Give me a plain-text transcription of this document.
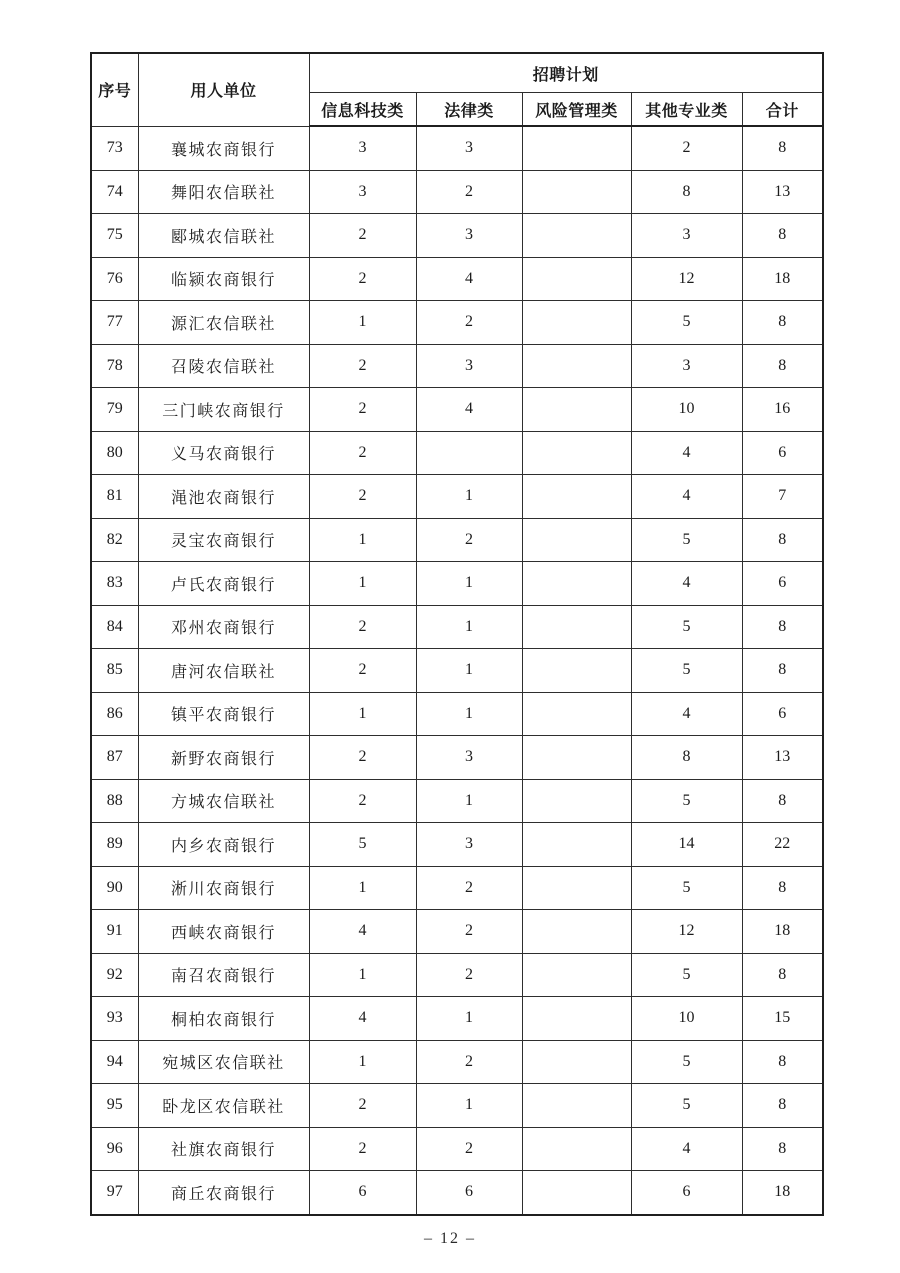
序号	用人单位	招聘计划				
		信息科技类	法律类	风险管理类	其他专业类	合计
73	襄城农商银行	3	3		2	8
74	舞阳农信联社	3	2		8	13
75	郾城农信联社	2	3		3	8
76	临颍农商银行	2	4		12	18
77	源汇农信联社	1	2		5	8
78	召陵农信联社	2	3		3	8
79	三门峡农商银行	2	4		10	16
80	义马农商银行	2			4	6
81	渑池农商银行	2	1		4	7
82	灵宝农商银行	1	2		5	8
83	卢氏农商银行	1	1		4	6
84	邓州农商银行	2	1		5	8
85	唐河农信联社	2	1		5	8
86	镇平农商银行	1	1		4	6
87	新野农商银行	2	3		8	13
88	方城农信联社	2	1		5	8
89	内乡农商银行	5	3		14	22
90	淅川农商银行	1	2		5	8
91	西峡农商银行	4	2		12	18
92	南召农商银行	1	2		5	8
93	桐柏农商银行	4	1		10	15
94	宛城区农信联社	1	2		5	8
95	卧龙区农信联社	2	1		5	8
96	社旗农商银行	2	2		4	8
97	商丘农商银行	6	6		6	18
– 12 –
